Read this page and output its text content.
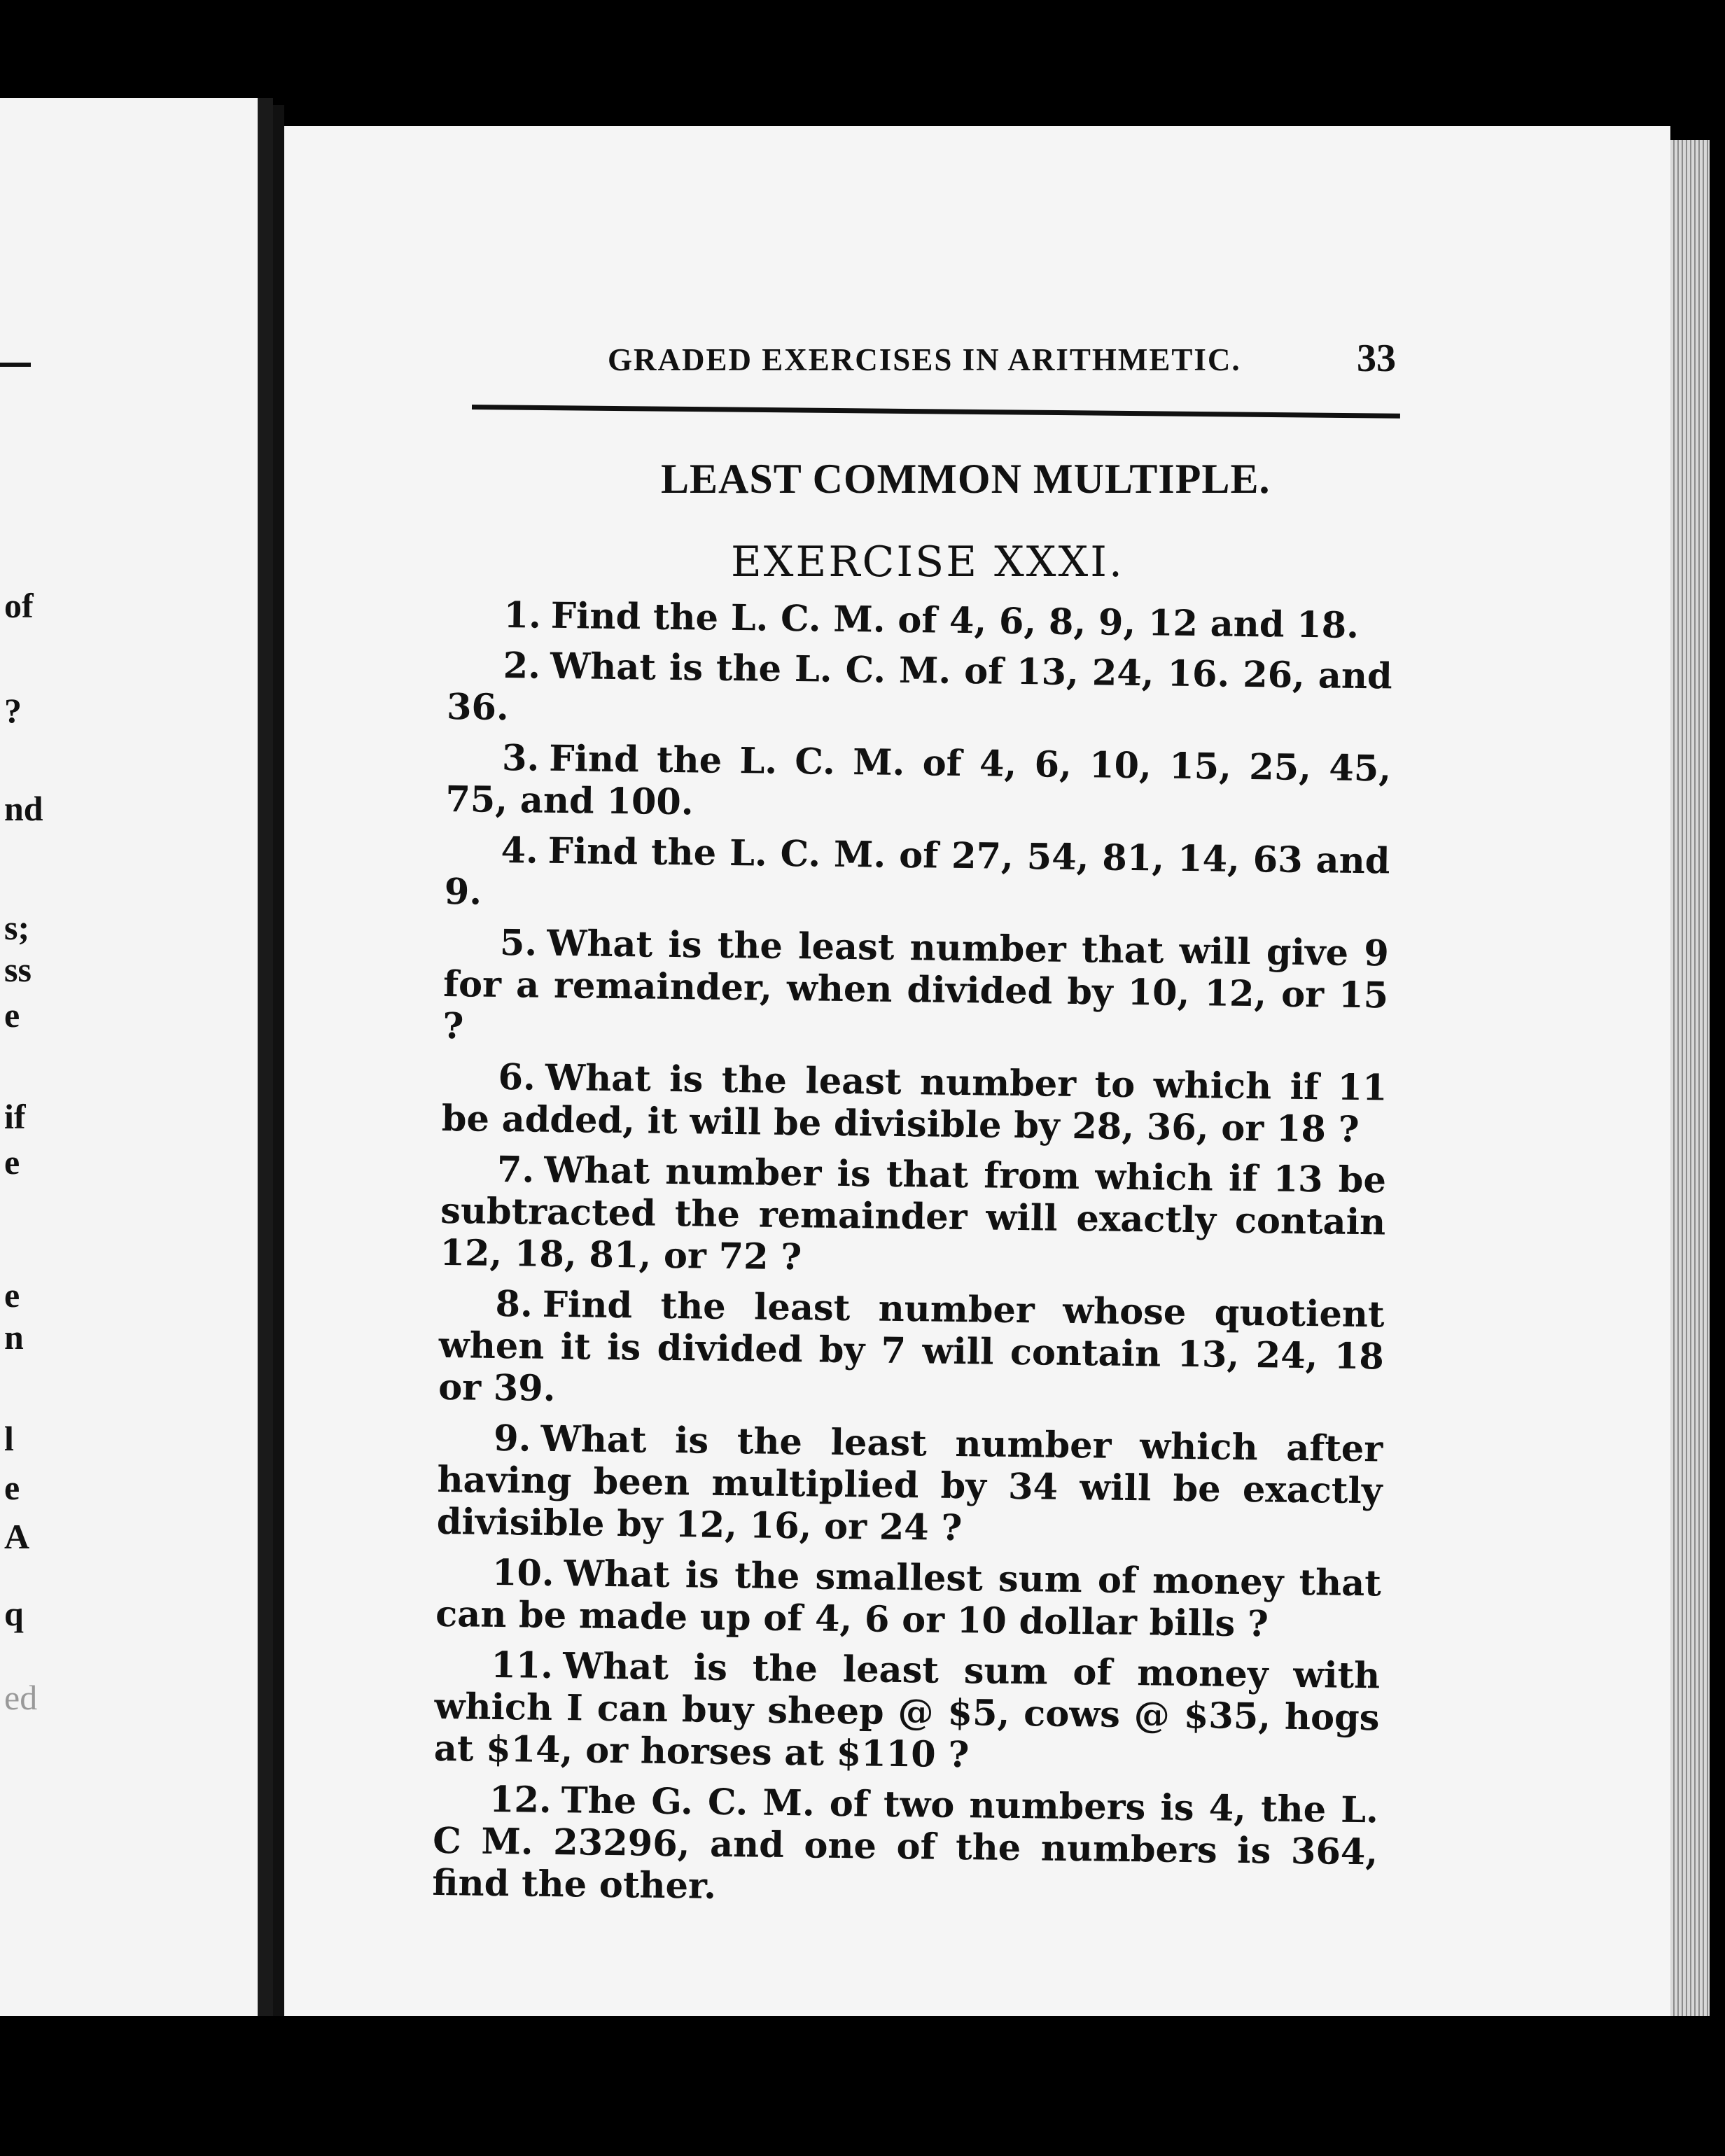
of
?
nd
s;
ss
e
if
e
e
n
l
e
A
q
ed
GRADED EXERCISES IN ARITHMETIC.	33
LEAST COMMON MULTIPLE.
EXERCISE XXXI.

1. Find the L. C. M. of 4, 6, 8, 9, 12 and 18.

2. What is the L. C. M. of 13, 24, 16. 26, and 36.

3. Find the L. C. M. of 4, 6, 10, 15, 25, 45, 75, and 100.

4. Find the L. C. M. of 27, 54, 81, 14, 63 and 9.

5. What is the least number that will give 9 for a remainder, when divided by 10, 12, or 15 ?

6. What is the least number to which if 11 be added, it will be divisible by 28, 36, or 18 ?

7. What number is that from which if 13 be subtracted the remainder will exactly contain 12, 18, 81, or 72 ?

8. Find the least number whose quotient when it is divided by 7 will contain 13, 24, 18 or 39.

9. What is the least number which after having been multiplied by 34 will be exactly divisible by 12, 16, or 24 ?

10. What is the smallest sum of money that can be made up of 4, 6 or 10 dollar bills ?

11. What is the least sum of money with which I can buy sheep @ $5, cows @ $35, hogs at $14, or horses at $110 ?

12. The G. C. M. of two numbers is 4, the L. C M. 23296, and one of the numbers is 364, find the other.
